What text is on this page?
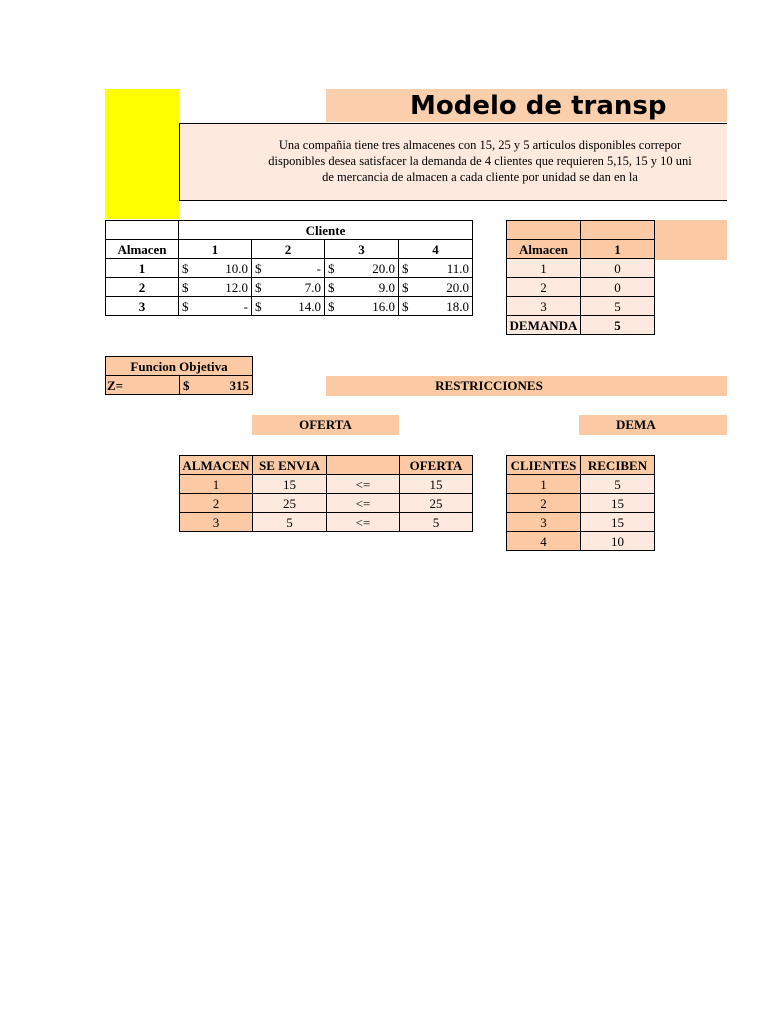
Modelo de transp

Una compañia tiene tres almacenes con 15, 25 y 5 articulos disponibles correpor

disponibles desea satisfacer la demanda de 4 clientes que requieren 5,15, 15 y 10 uni

de mercancia de almacen a cada cliente por unidad se dan en la

	Cliente			
Almacen	1	2	3	4
1	$ 10.0	$ -	$ 20.0	$ 11.0

2	$ 12.0	$ 7.0	$ 9.0	$ 20.0

3	$ -	$ 14.0	$ 16.0	$ 18.0

Almacen	1
1	0
2	0
3	5
DEMANDA	5
Funcion Objetiva
Z=	$	315	RESTRICCIONES
OFERTA	DEMA
ALMACEN	SE ENVIA		OFERTA
1	15	<=	15
2	25	<=	25
3	5	<=	5
CLIENTES	RECIBEN
1	5
2	15
3	15
4	10
